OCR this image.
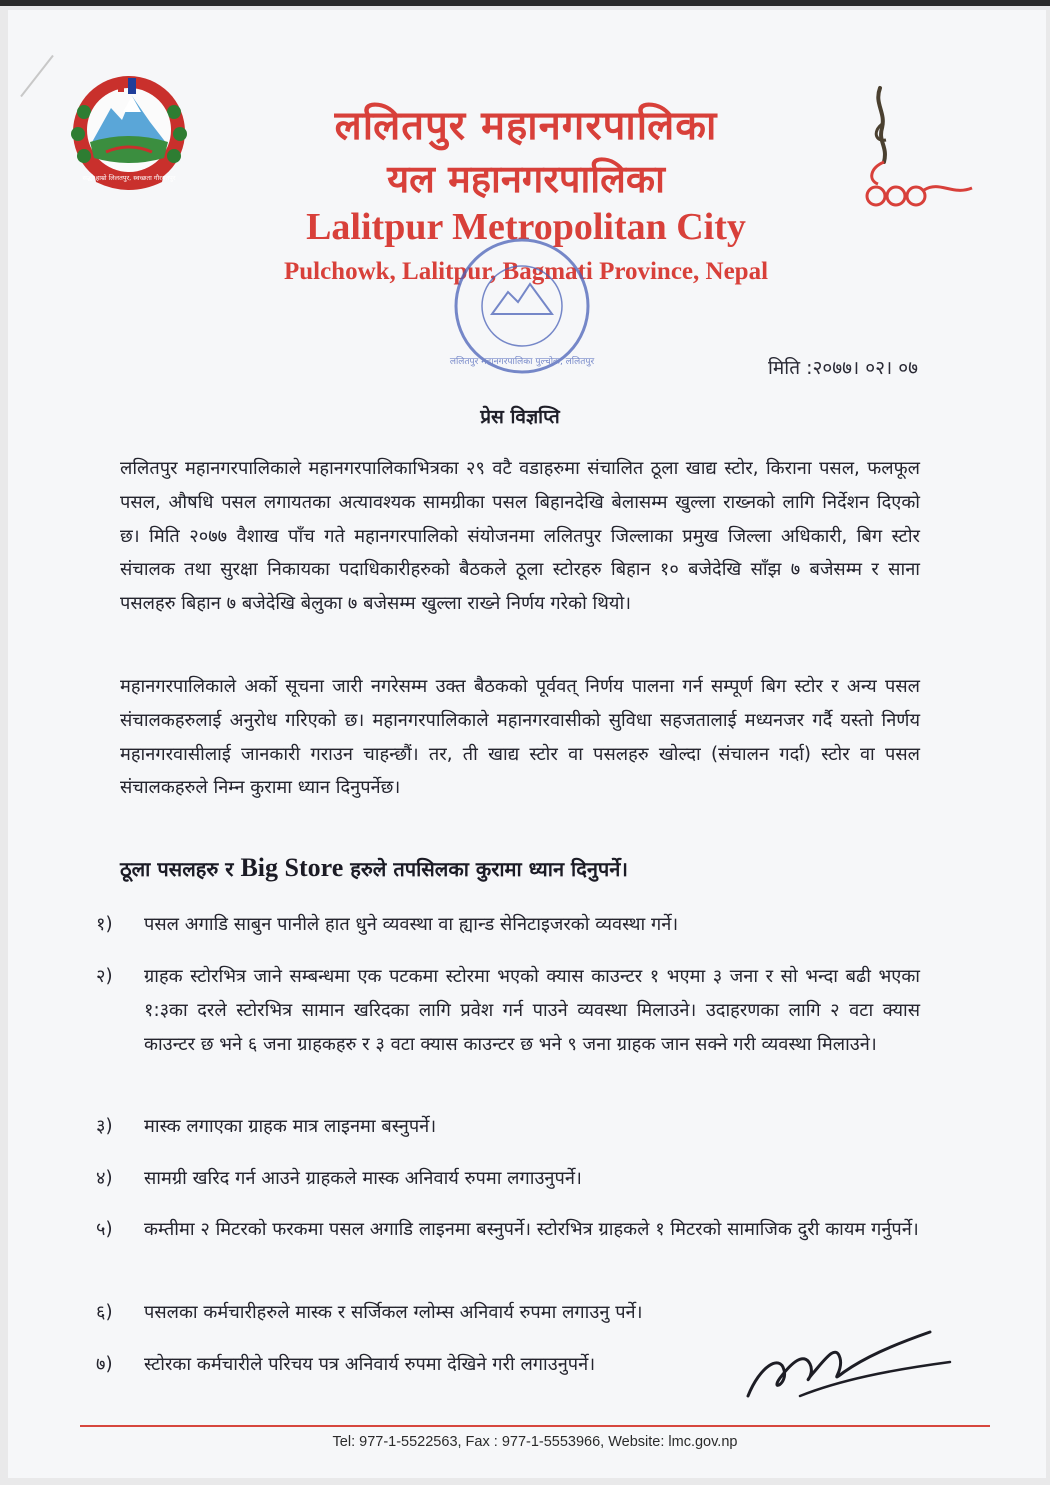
सद्धी हाम्रो लिलतपुर, स्वच्छता गौरवतपुर
ललितपुर महानगरपालिका
यल महानगरपालिका
Lalitpur Metropolitan City
Pulchowk, Lalitpur, Bagmati Province, Nepal
ललितपुर महानगरपालिका पुल्चोक, ललितपुर	मिति :२०७७। ०२। ०७
प्रेस विज्ञप्ति

ललितपुर महानगरपालिकाले महानगरपालिकाभित्रका २९ वटै वडाहरुमा संचालित ठूला खाद्य स्टोर, किराना पसल, फलफूल पसल, औषधि पसल लगायतका अत्यावश्यक सामग्रीका पसल बिहानदेखि बेलासम्म खुल्ला राख्नको लागि निर्देशन दिएको छ। मिति २०७७ वैशाख पाँच गते महानगरपालिको संयोजनमा ललितपुर जिल्लाका प्रमुख जिल्ला अधिकारी, बिग स्टोर संचालक तथा सुरक्षा निकायका पदाधिकारीहरुको बैठकले ठूला स्टोरहरु बिहान १० बजेदेखि साँझ ७ बजेसम्म र साना पसलहरु बिहान ७ बजेदेखि बेलुका ७ बजेसम्म खुल्ला राख्ने निर्णय गरेको थियो।

महानगरपालिकाले अर्को सूचना जारी नगरेसम्म उक्त बैठकको पूर्ववत् निर्णय पालना गर्न सम्पूर्ण बिग स्टोर र अन्य पसल संचालकहरुलाई अनुरोध गरिएको छ। महानगरपालिकाले महानगरवासीको सुविधा सहजतालाई मध्यनजर गर्दै यस्तो निर्णय महानगरवासीलाई जानकारी गराउन चाहन्छौं। तर, ती खाद्य स्टोर वा पसलहरु खोल्दा (संचालन गर्दा) स्टोर वा पसल संचालकहरुले निम्न कुरामा ध्यान दिनुपर्नेछ।

ठूला पसलहरु र Big Store हरुले तपसिलका कुरामा ध्यान दिनुपर्ने।
१) पसल अगाडि साबुन पानीले हात धुने व्यवस्था वा ह्यान्ड सेनिटाइजरको व्यवस्था गर्ने।
२) ग्राहक स्टोरभित्र जाने सम्बन्धमा एक पटकमा स्टोरमा भएको क्यास काउन्टर १ भएमा ३ जना र सो भन्दा बढी भएका १:३का दरले स्टोरभित्र सामान खरिदका लागि प्रवेश गर्न पाउने व्यवस्था मिलाउने। उदाहरणका लागि २ वटा क्यास काउन्टर छ भने ६ जना ग्राहकहरु र ३ वटा क्यास काउन्टर छ भने ९ जना ग्राहक जान सक्ने गरी व्यवस्था मिलाउने।
३) मास्क लगाएका ग्राहक मात्र लाइनमा बस्नुपर्ने।
४) सामग्री खरिद गर्न आउने ग्राहकले मास्क अनिवार्य रुपमा लगाउनुपर्ने।
५) कम्तीमा २ मिटरको फरकमा पसल अगाडि लाइनमा बस्नुपर्ने। स्टोरभित्र ग्राहकले १ मिटरको सामाजिक दुरी कायम गर्नुपर्ने।
६) पसलका कर्मचारीहरुले मास्क र सर्जिकल ग्लोम्स अनिवार्य रुपमा लगाउनु पर्ने।
७) स्टोरका कर्मचारीले परिचय पत्र अनिवार्य रुपमा देखिने गरी लगाउनुपर्ने।
Tel: 977-1-5522563, Fax : 977-1-5553966, Website: lmc.gov.np
